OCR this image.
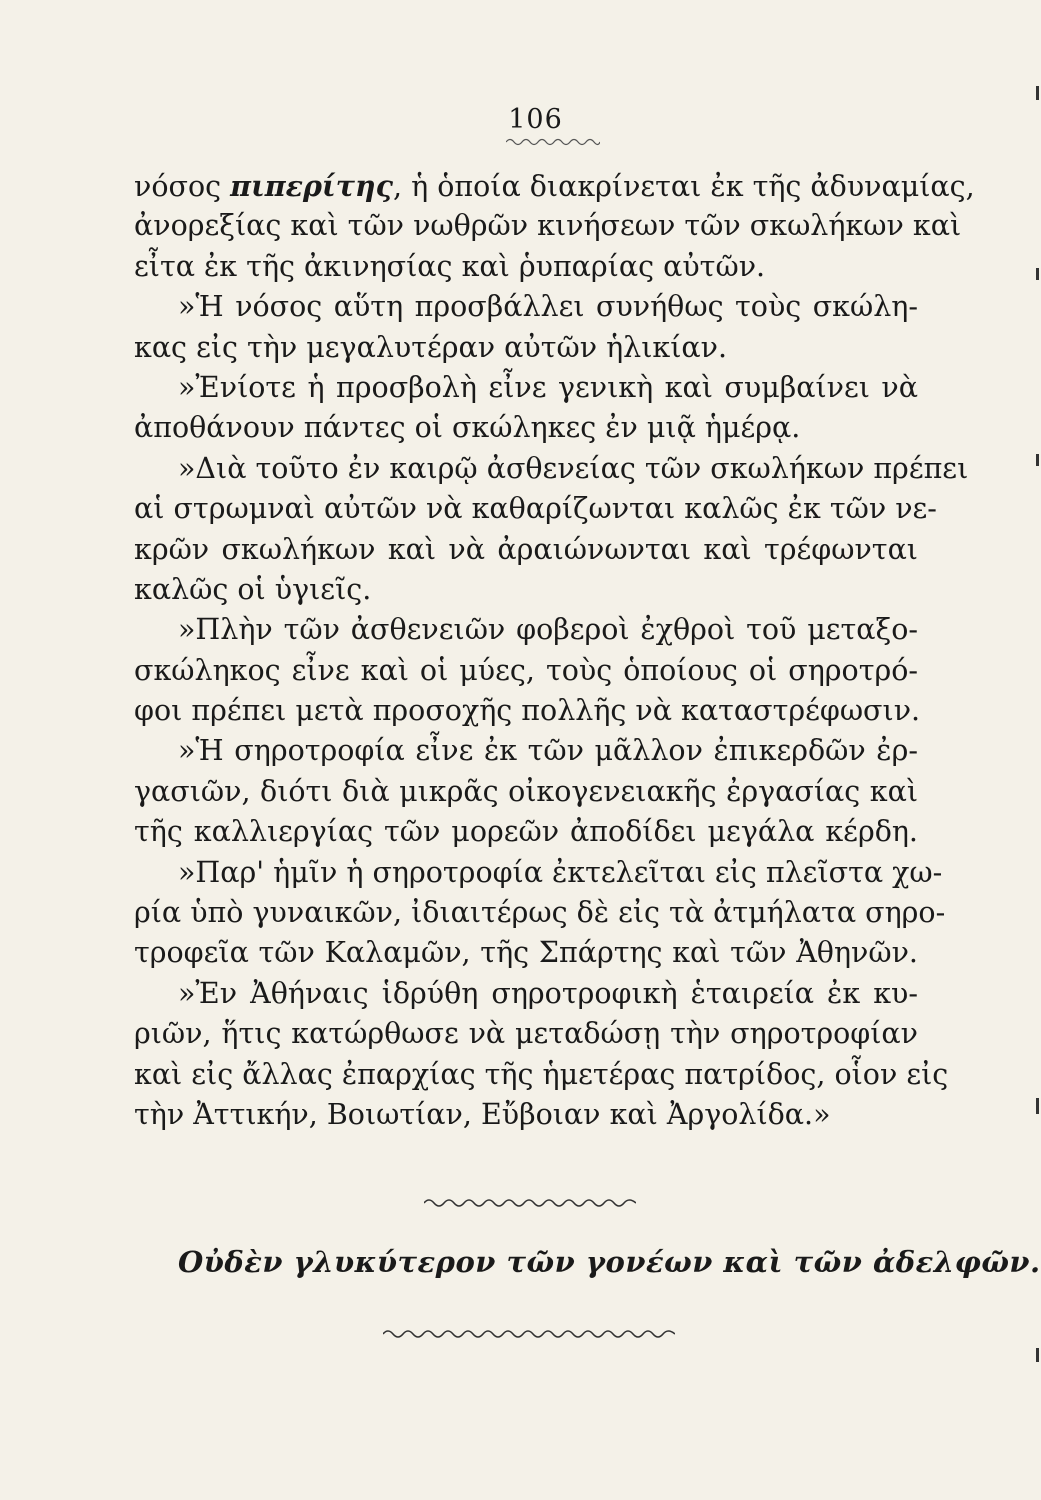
106
νόσος πιπερίτης, ἡ ὁποία διακρίνεται ἐκ τῆς ἀδυναμίας,
ἀνορεξίας καὶ τῶν νωθρῶν κινήσεων τῶν σκωλήκων καὶ
εἶτα ἐκ τῆς ἀκινησίας καὶ ῥυπαρίας αὐτῶν.
»Ἡ νόσος αὕτη προσβάλλει συνήθως τοὺς σκώλη-
κας εἰς τὴν μεγαλυτέραν αὐτῶν ἡλικίαν.
»Ἐνίοτε ἡ προσβολὴ εἶνε γενικὴ καὶ συμβαίνει νὰ
ἀποθάνουν πάντες οἱ σκώληκες ἐν μιᾷ ἡμέρᾳ.
»Διὰ τοῦτο ἐν καιρῷ ἀσθενείας τῶν σκωλήκων πρέπει
αἱ στρωμναὶ αὐτῶν νὰ καθαρίζωνται καλῶς ἐκ τῶν νε-
κρῶν σκωλήκων καὶ νὰ ἀραιώνωνται καὶ τρέφωνται
καλῶς οἱ ὑγιεῖς.
»Πλὴν τῶν ἀσθενειῶν φοβεροὶ ἐχθροὶ τοῦ μεταξο-
σκώληκος εἶνε καὶ οἱ μύες, τοὺς ὁποίους οἱ σηροτρό-
φοι πρέπει μετὰ προσοχῆς πολλῆς νὰ καταστρέφωσιν.
»Ἡ σηροτροφία εἶνε ἐκ τῶν μᾶλλον ἐπικερδῶν ἐρ-
γασιῶν, διότι διὰ μικρᾶς οἰκογενειακῆς ἐργασίας καὶ
τῆς καλλιεργίας τῶν μορεῶν ἀποδίδει μεγάλα κέρδη.
»Παρ' ἡμῖν ἡ σηροτροφία ἐκτελεῖται εἰς πλεῖστα χω-
ρία ὑπὸ γυναικῶν, ἰδιαιτέρως δὲ εἰς τὰ ἀτμήλατα σηρο-
τροφεῖα τῶν Καλαμῶν, τῆς Σπάρτης καὶ τῶν Ἀθηνῶν.
»Ἐν Ἀθήναις ἱδρύθη σηροτροφικὴ ἑταιρεία ἐκ κυ-
ριῶν, ἥτις κατώρθωσε νὰ μεταδώσῃ τὴν σηροτροφίαν
καὶ εἰς ἄλλας ἐπαρχίας τῆς ἡμετέρας πατρίδος, οἷον εἰς
τὴν Ἀττικήν, Βοιωτίαν, Εὔβοιαν καὶ Ἀργολίδα.»
Οὐδὲν γλυκύτερον τῶν γονέων καὶ τῶν ἀδελφῶν.
